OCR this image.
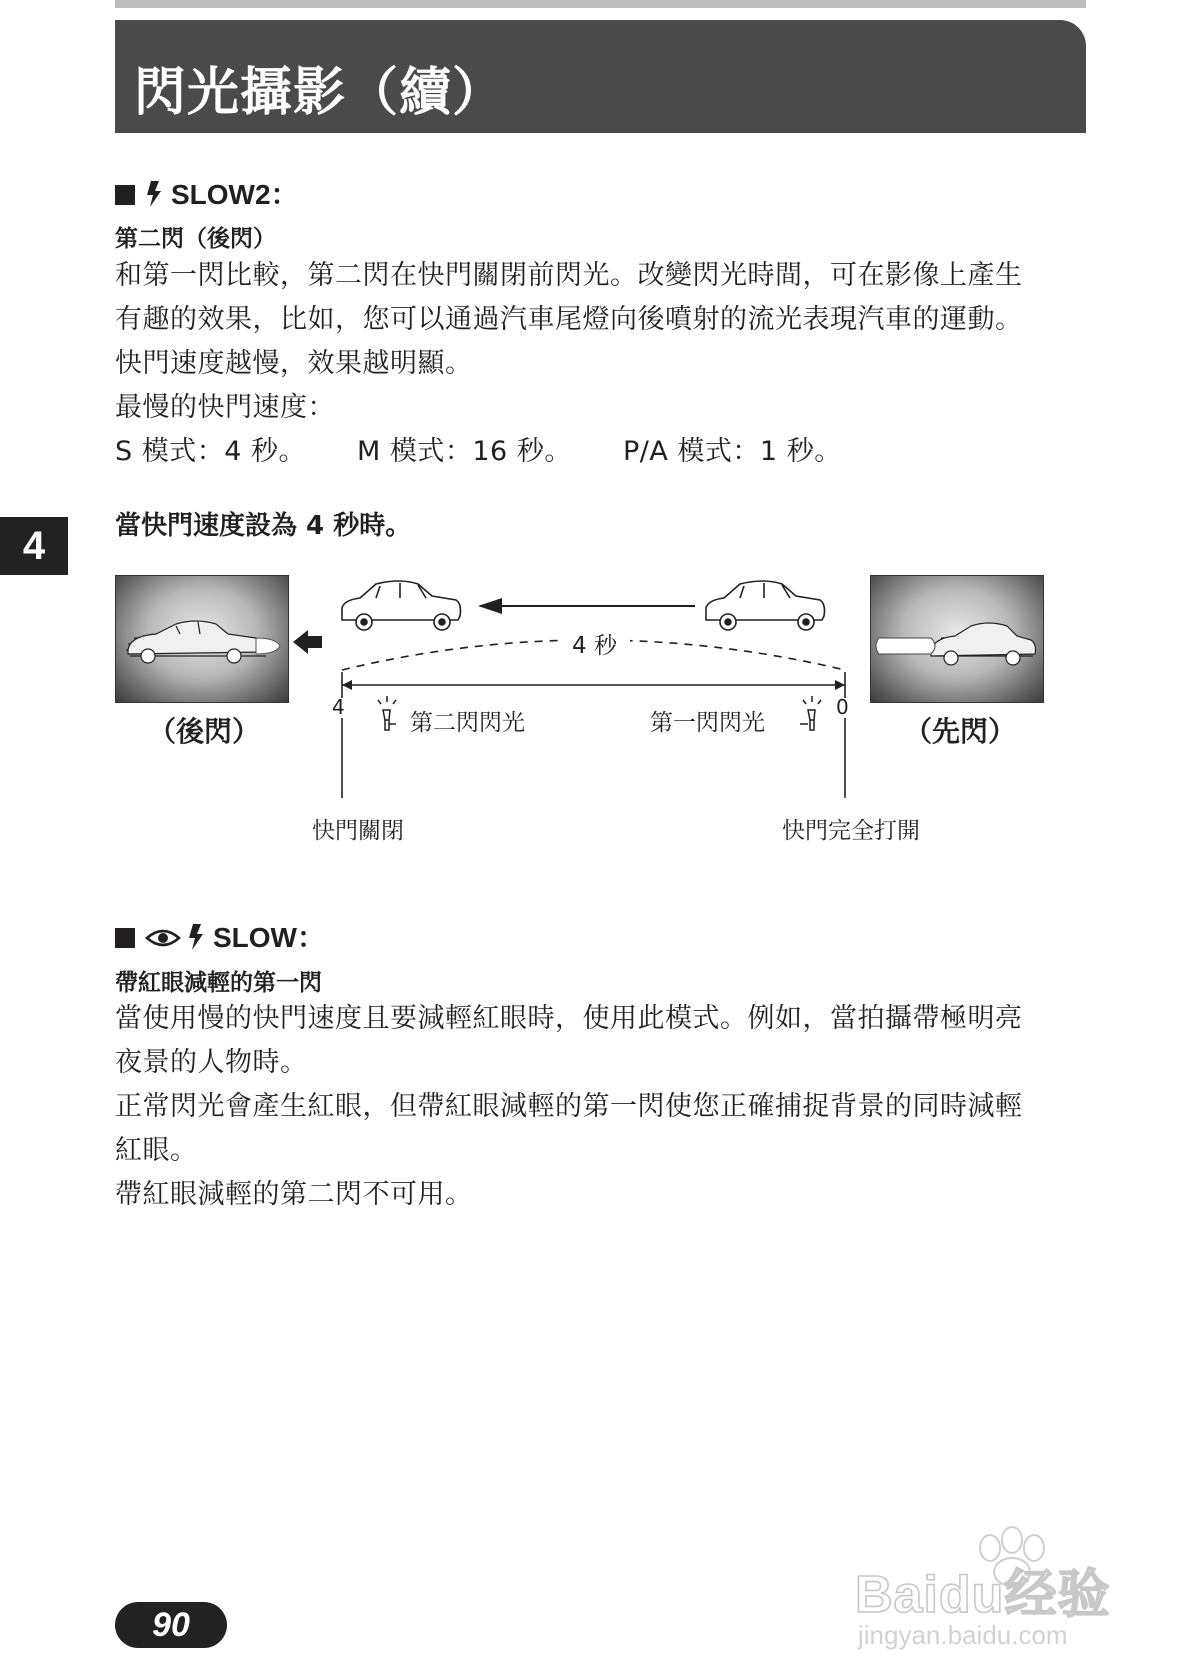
閃光攝影（續）
4
SLOW2：
第二閃（後閃）
和第一閃比較，第二閃在快門關閉前閃光。改變閃光時間，可在影像上產生
有趣的效果，比如，您可以通過汽車尾燈向後噴射的流光表現汽車的運動。
快門速度越慢，效果越明顯。
最慢的快門速度：
S 模式：4 秒。 M 模式：16 秒。 P/A 模式：1 秒。
當快門速度設為 4 秒時。
4 秒
4	0
第二閃閃光	第一閃閃光
（後閃）	（先閃）
快門關閉	快門完全打開
SLOW：
帶紅眼減輕的第一閃
當使用慢的快門速度且要減輕紅眼時，使用此模式。例如，當拍攝帶極明亮
夜景的人物時。
正常閃光會產生紅眼，但帶紅眼減輕的第一閃使您正確捕捉背景的同時減輕
紅眼。
帶紅眼減輕的第二閃不可用。
90
Baidu经验
jingyan.baidu.com
